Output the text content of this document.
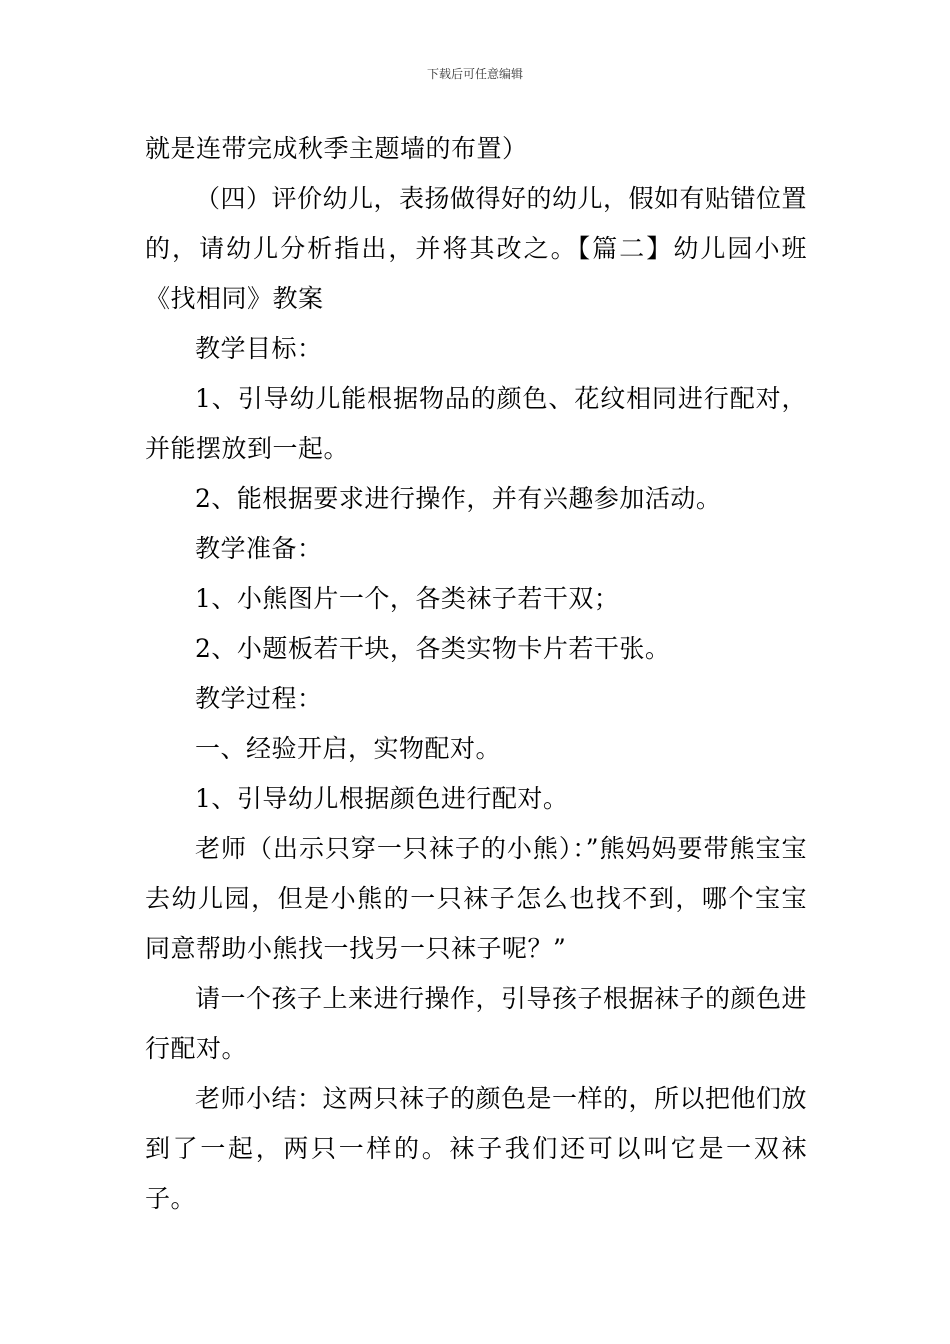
下载后可任意编辑

就是连带完成秋季主题墙的布置）

（四）评价幼儿，表扬做得好的幼儿，假如有贴错位置的，请幼儿分析指出，并将其改之。【篇二】幼儿园小班《找相同》教案

教学目标：

1、引导幼儿能根据物品的颜色、花纹相同进行配对，并能摆放到一起。

2、能根据要求进行操作，并有兴趣参加活动。

教学准备：

1、小熊图片一个，各类袜子若干双；

2、小题板若干块，各类实物卡片若干张。

教学过程：

一、经验开启，实物配对。

1、引导幼儿根据颜色进行配对。

老师（出示只穿一只袜子的小熊）：”熊妈妈要带熊宝宝去幼儿园，但是小熊的一只袜子怎么也找不到，哪个宝宝同意帮助小熊找一找另一只袜子呢？”

请一个孩子上来进行操作，引导孩子根据袜子的颜色进行配对。

老师小结：这两只袜子的颜色是一样的，所以把他们放到了一起，两只一样的。袜子我们还可以叫它是一双袜子。
